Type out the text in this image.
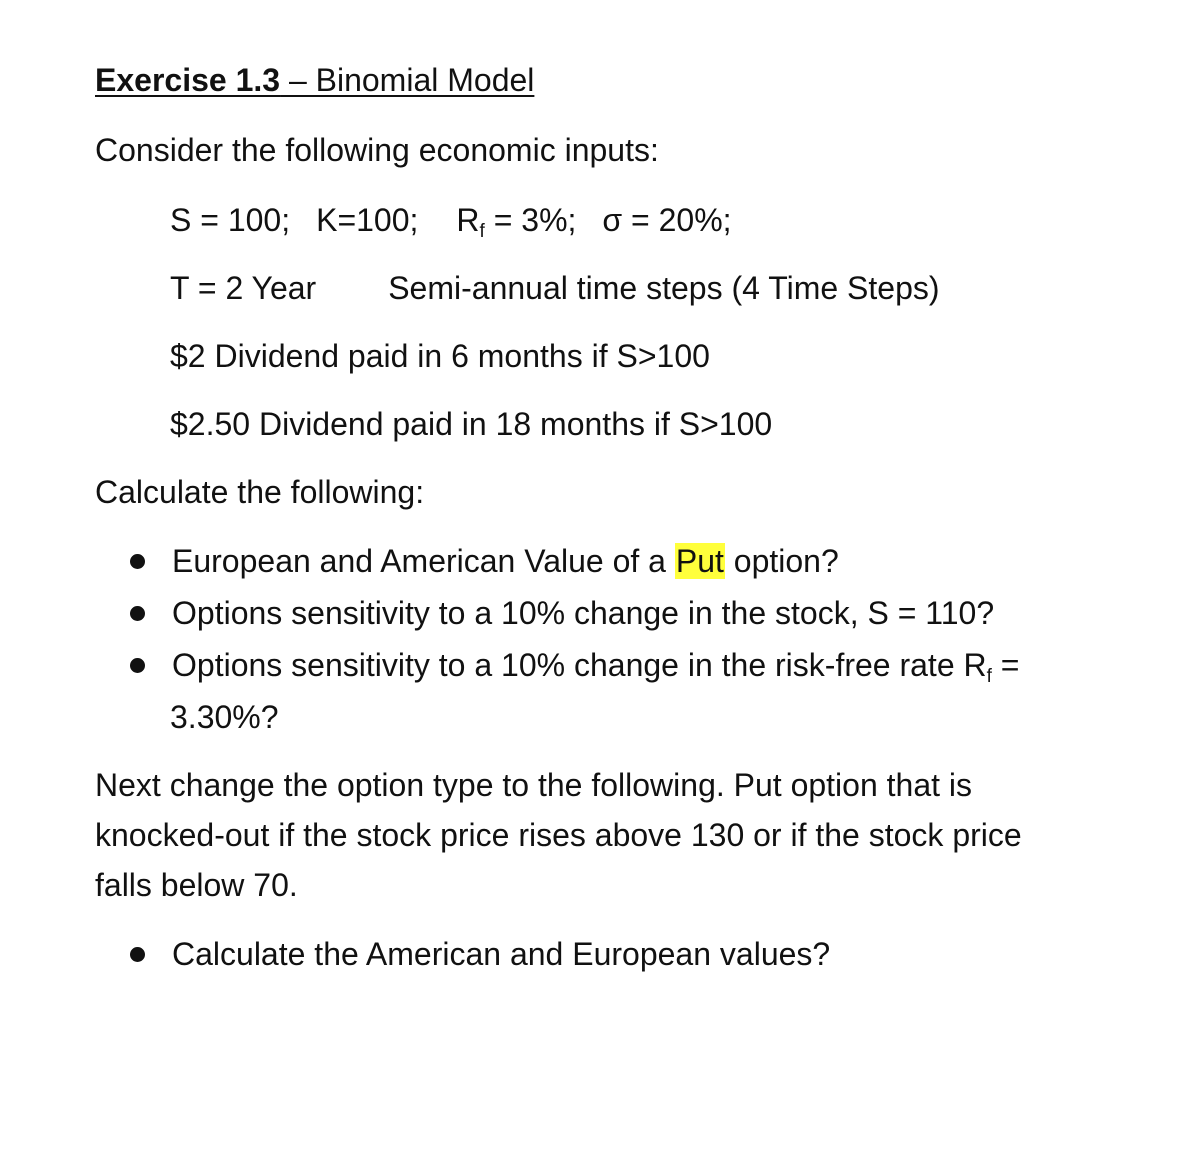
Exercise 1.3 – Binomial Model
Consider the following economic inputs:
S = 100; K=100; $R_f = 3\%$; σ = 20%;
T = 2 Year Semi-annual time steps (4 Time Steps)
$2 Dividend paid in 6 months if S>100
$2.50 Dividend paid in 18 months if S>100
Calculate the following:
European and American Value of a Put option?
Options sensitivity to a 10% change in the stock, S = 110?
Options sensitivity to a 10% change in the risk-free rate $R_f$ =
3.30%?
Next change the option type to the following. Put option that is
knocked-out if the stock price rises above 130 or if the stock price
falls below 70.
Calculate the American and European values?
